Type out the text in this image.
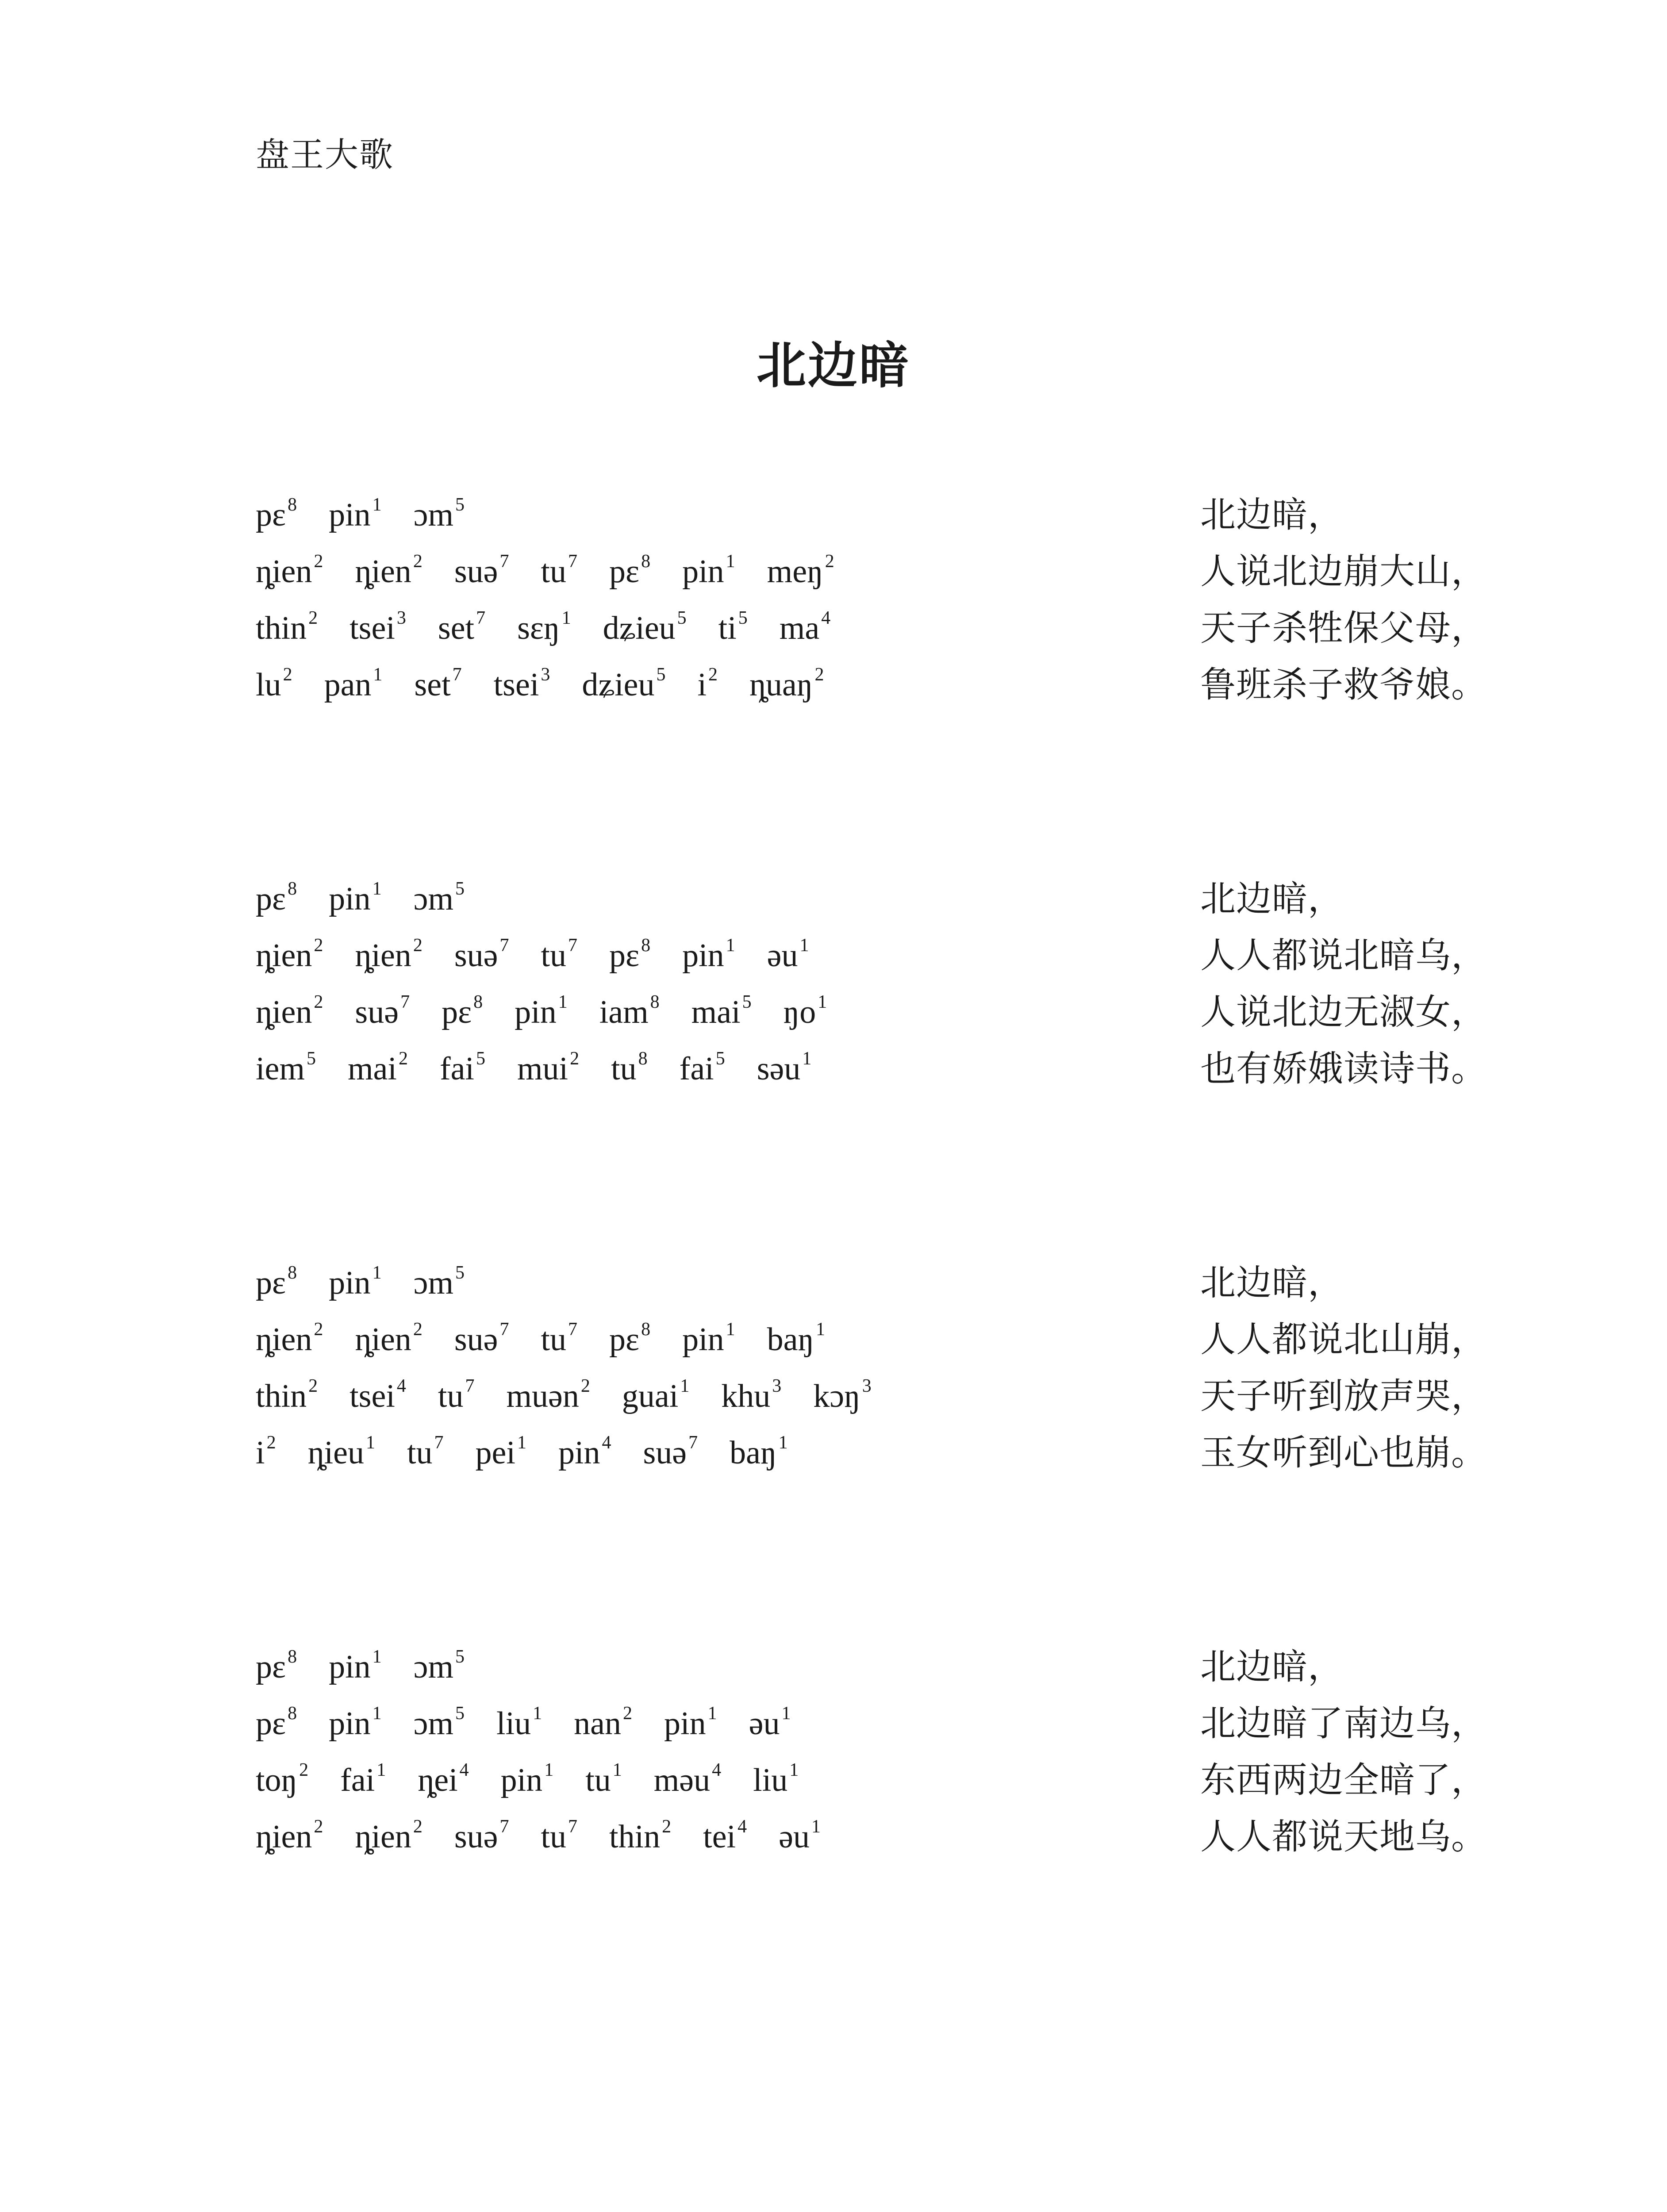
盘王大歌
北边暗
pɛ$^8$ pin$^1$ ɔm$^5$	北边暗，
ȵien$^2$ ȵien$^2$ suə$^7$ $tu^7$ pɛ$^8$ pin$^1$ meŋ$^2$	人说北边崩大山，
thin$^2$ tsei$^3$ set$^7$ sɛŋ$^1$ dʑieu$^5$ $ti^5$ $ma^4$	天子杀牲保父母，
$lu^2$ pan$^1$ set$^7$ tsei$^3$ dʑieu$^5$ $i^2$ ȵuaŋ$^2$	鲁班杀子救爷娘。
pɛ$^8$ pin$^1$ ɔm$^5$	北边暗，
ȵien$^2$ ȵien$^2$ suə$^7$ $tu^7$ pɛ$^8$ pin$^1$ əu$^1$	人人都说北暗乌，
ȵien$^2$ suə$^7$ pɛ$^8$ pin$^1$ iam$^8$ mai$^5$ $ŋo^1$	人说北边无淑女，
iem$^5$ mai$^2$ fai$^5$ mui$^2$ $tu^8$ fai$^5$ səu$^1$	也有娇娥读诗书。
pɛ$^8$ pin$^1$ ɔm$^5$	北边暗，
ȵien$^2$ ȵien$^2$ suə$^7$ $tu^7$ pɛ$^8$ pin$^1$ baŋ$^1$	人人都说北山崩，
thin$^2$ tsei$^4$ $tu^7$ muən$^2$ guai$^1$ khu$^3$ kɔŋ$^3$	天子听到放声哭，
$i^2$ ȵieu$^1$ $tu^7$ pei$^1$ pin$^4$ suə$^7$ baŋ$^1$	玉女听到心也崩。
pɛ$^8$ pin$^1$ ɔm$^5$	北边暗，
pɛ$^8$ pin$^1$ ɔm$^5$ liu$^1$ nan$^2$ pin$^1$ əu$^1$	北边暗了南边乌，
toŋ$^2$ fai$^1$ ȵei$^4$ pin$^1$ $tu^1$ məu$^4$ liu$^1$	东西两边全暗了，
ȵien$^2$ ȵien$^2$ suə$^7$ $tu^7$ thin$^2$ tei$^4$ əu$^1$	人人都说天地乌。
